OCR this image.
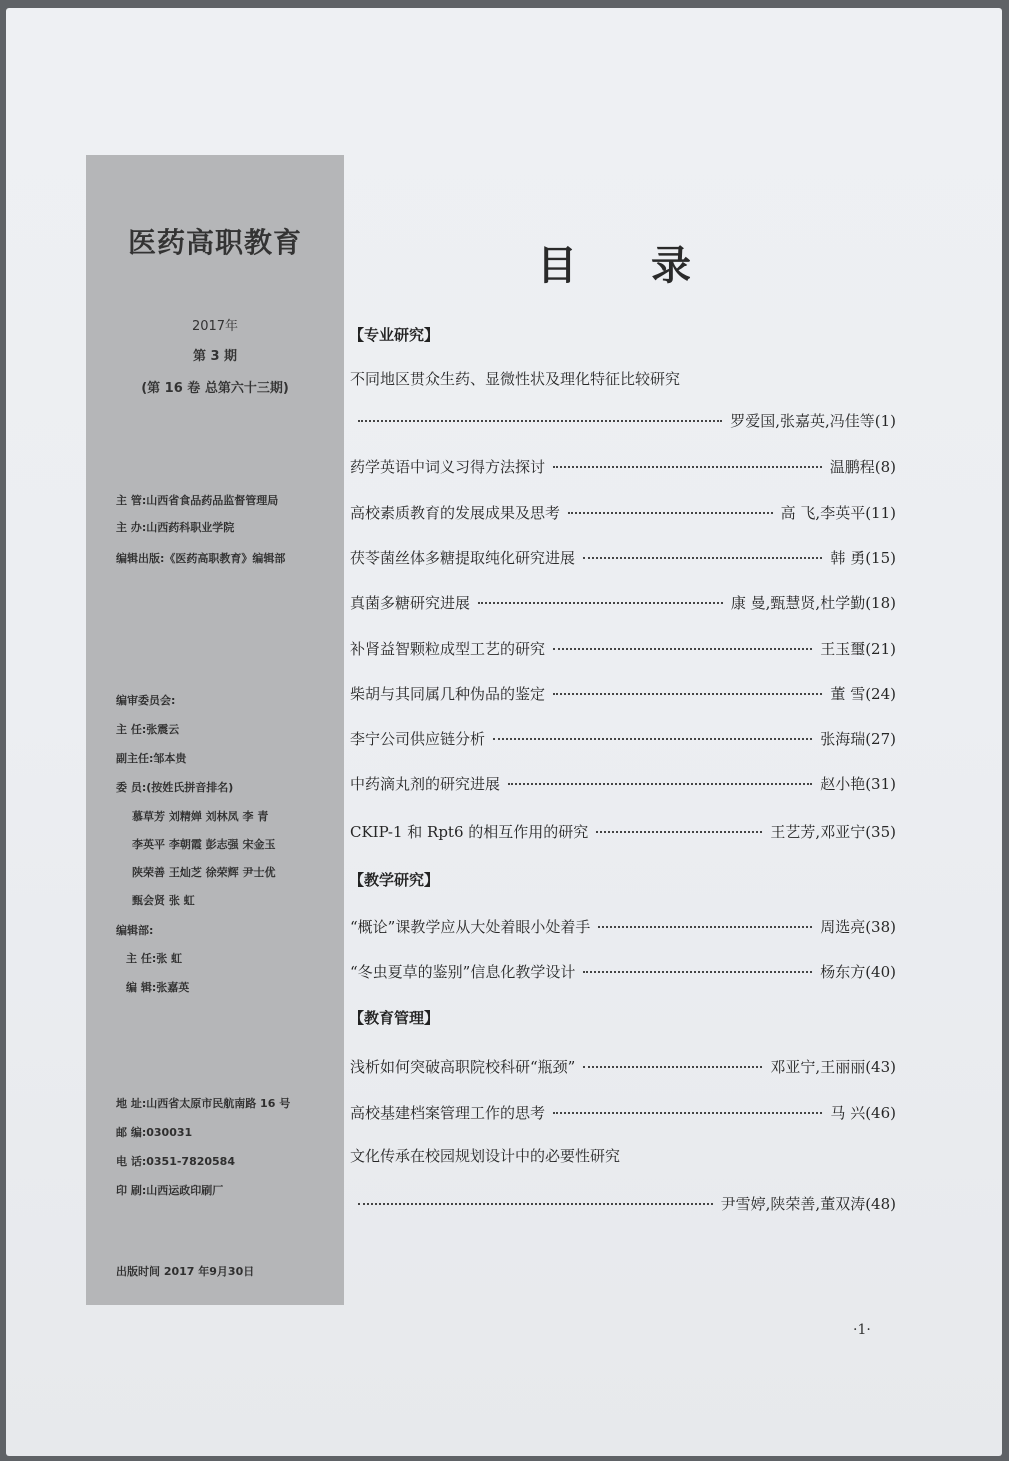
医药高职教育
2017年
第 3 期
(第 16 卷 总第六十三期)
主 管:山西省食品药品监督管理局
主 办:山西药科职业学院
编辑出版:《医药高职教育》编辑部
编审委员会:
主 任:张震云
副主任:邹本贵
委 员:(按姓氏拼音排名)
慕草芳 刘精婵 刘林凤 李 青
李英平 李朝霞 彭志强 宋金玉
陕荣善 王灿芝 徐荣辉 尹士优
甄会贤 张 虹
编辑部:
主 任:张 虹
编 辑:张嘉英
地 址:山西省太原市民航南路 16 号
邮 编:030031
电 话:0351-7820584
印 刷:山西运政印刷厂
出版时间 2017 年9月30日
目录
【专业研究】
不同地区贯众生药、显微性状及理化特征比较研究
罗爱国,张嘉英,冯佳等 (1)
药学英语中词义习得方法探讨	温鹏程 (8)
高校素质教育的发展成果及思考	高 飞,李英平 (11)
茯苓菌丝体多糖提取纯化研究进展	韩 勇 (15)
真菌多糖研究进展	康 曼,甄慧贤,杜学勤 (18)
补肾益智颗粒成型工艺的研究	王玉璽 (21)
柴胡与其同属几种伪品的鉴定	董 雪 (24)
李宁公司供应链分析	张海瑞 (27)
中药滴丸剂的研究进展	赵小艳 (31)
CKIP-1 和 Rpt6 的相互作用的研究	王艺芳,邓亚宁 (35)
【教学研究】
“概论”课教学应从大处着眼小处着手	周选亮 (38)
“冬虫夏草的鉴别”信息化教学设计	杨东方 (40)
【教育管理】
浅析如何突破高职院校科研“瓶颈”	邓亚宁,王丽丽 (43)
高校基建档案管理工作的思考	马 兴 (46)
文化传承在校园规划设计中的必要性研究
尹雪婷,陕荣善,董双涛 (48)
·1·
